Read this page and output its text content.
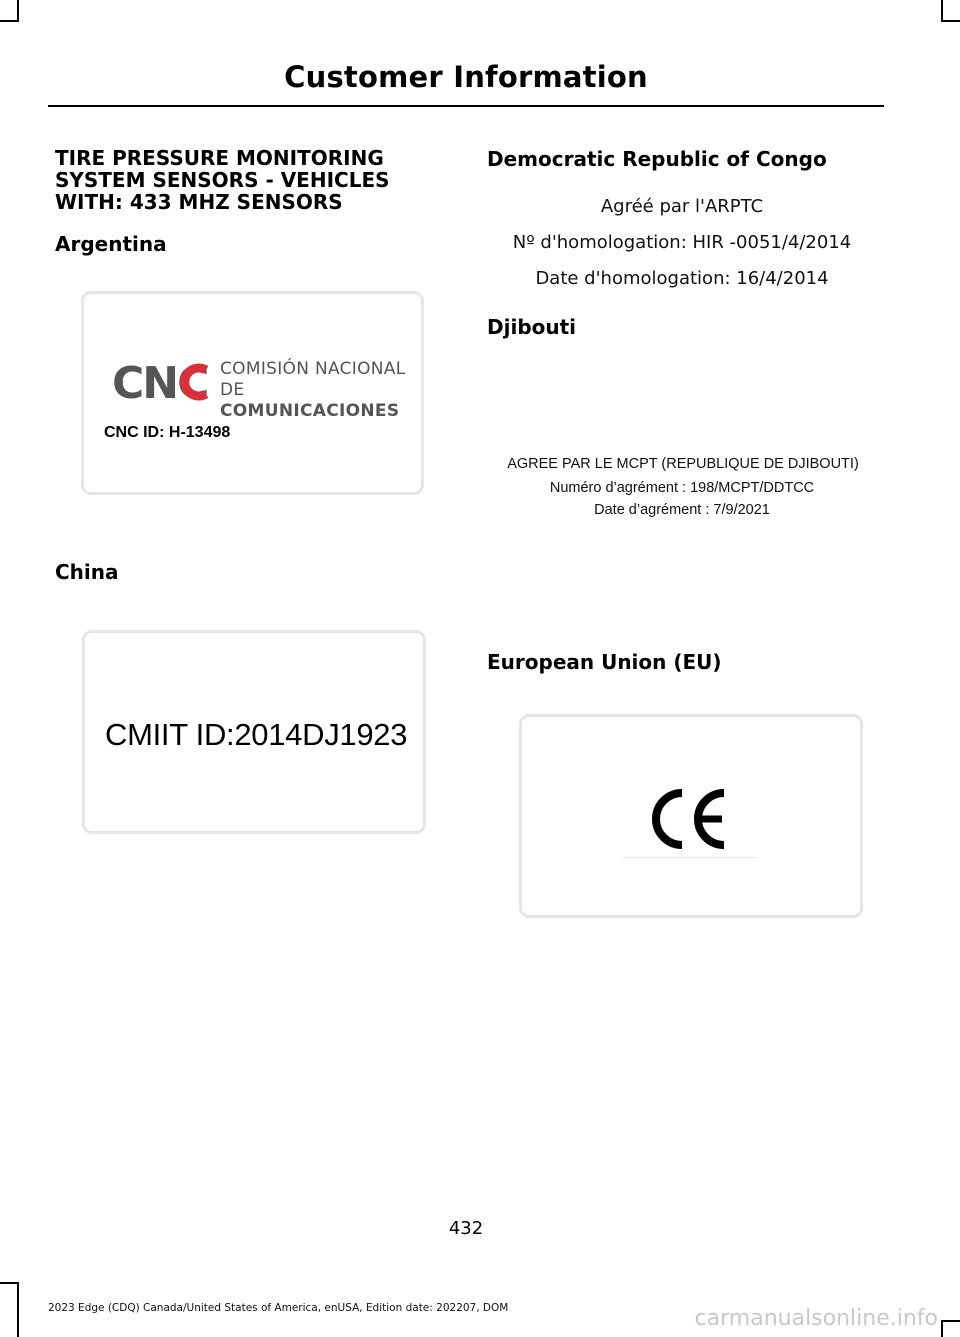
Customer Information
TIRE PRESSURE MONITORING SYSTEM SENSORS - VEHICLES WITH: 433 MHZ SENSORS
Argentina
CNC COMISIÓN NACIONAL
DE COMUNICACIONES
CNC ID: H-13498
China
CMIIT ID:2014DJ1923
Democratic Republic of Congo
Agréé par l'ARPTC
Nº d'homologation: HIR -0051/4/2014
Date d'homologation: 16/4/2014
Djibouti
AGREE PAR LE MCPT (REPUBLIQUE DE DJIBOUTI)
Numéro d’agrément : 198/MCPT/DDTCC
Date d’agrément : 7/9/2021
European Union (EU)
432
2023 Edge (CDQ) Canada/United States of America, enUSA, Edition date: 202207, DOM	carmanualsonline.info
